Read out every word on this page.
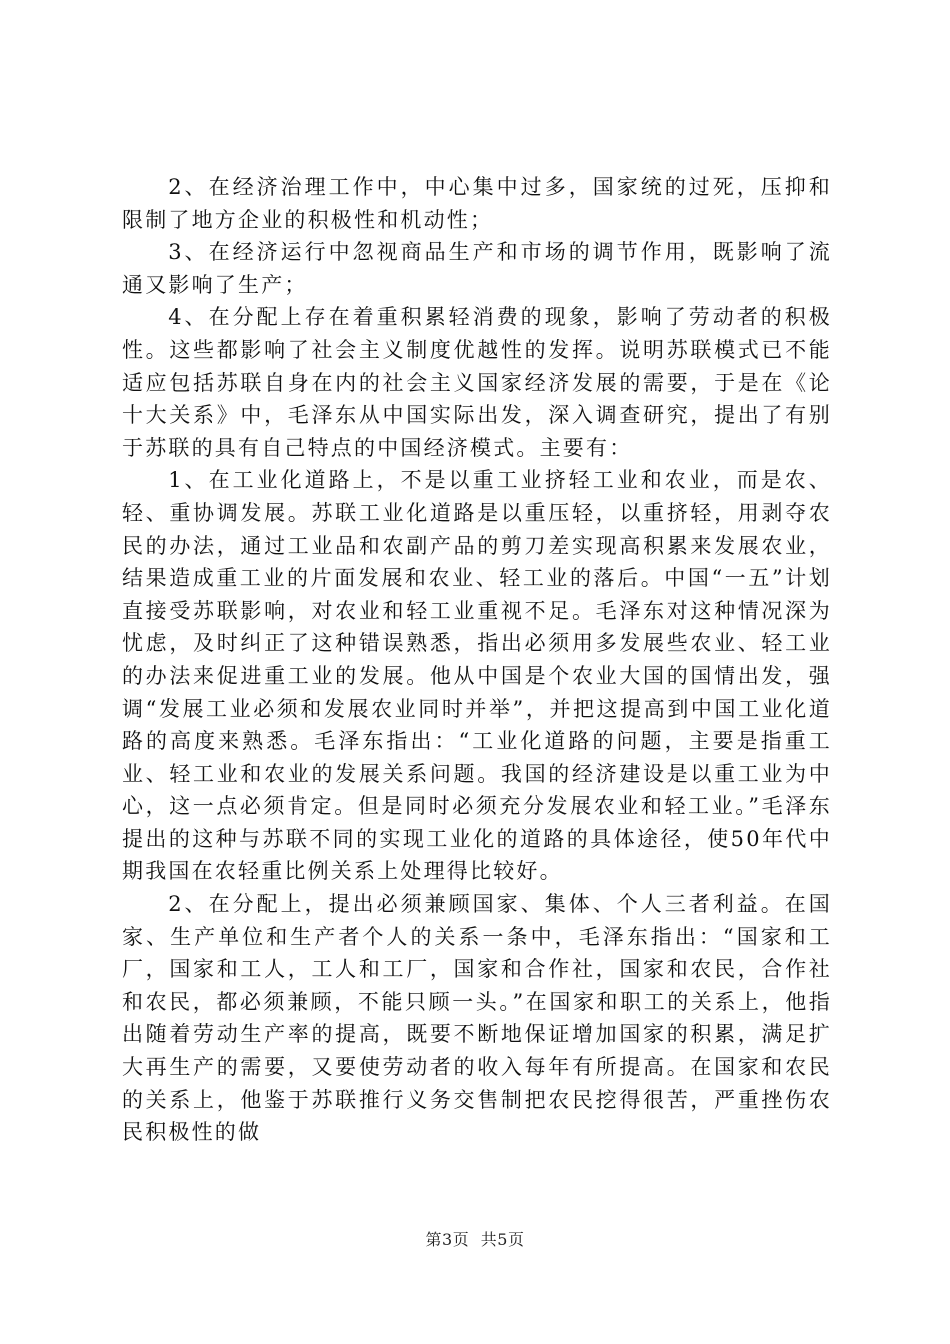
2、在经济治理工作中，中心集中过多，国家统的过死，压抑和限制了地方企业的积极性和机动性；

3、在经济运行中忽视商品生产和市场的调节作用，既影响了流通又影响了生产；

4、在分配上存在着重积累轻消费的现象，影响了劳动者的积极性。这些都影响了社会主义制度优越性的发挥。说明苏联模式已不能适应包括苏联自身在内的社会主义国家经济发展的需要，于是在《论十大关系》中，毛泽东从中国实际出发，深入调查研究，提出了有别于苏联的具有自己特点的中国经济模式。主要有：

1、在工业化道路上，不是以重工业挤轻工业和农业，而是农、轻、重协调发展。苏联工业化道路是以重压轻，以重挤轻，用剥夺农民的办法，通过工业品和农副产品的剪刀差实现高积累来发展农业，结果造成重工业的片面发展和农业、轻工业的落后。中国“一五”计划直接受苏联影响，对农业和轻工业重视不足。毛泽东对这种情况深为忧虑，及时纠正了这种错误熟悉，指出必须用多发展些农业、轻工业的办法来促进重工业的发展。他从中国是个农业大国的国情出发，强调“发展工业必须和发展农业同时并举”，并把这提高到中国工业化道路的高度来熟悉。毛泽东指出：“工业化道路的问题，主要是指重工业、轻工业和农业的发展关系问题。我国的经济建设是以重工业为中心，这一点必须肯定。但是同时必须充分发展农业和轻工业。”毛泽东提出的这种与苏联不同的实现工业化的道路的具体途径，使50年代中期我国在农轻重比例关系上处理得比较好。

2、在分配上，提出必须兼顾国家、集体、个人三者利益。在国家、生产单位和生产者个人的关系一条中，毛泽东指出：“国家和工厂，国家和工人，工人和工厂，国家和合作社，国家和农民，合作社和农民，都必须兼顾，不能只顾一头。”在国家和职工的关系上，他指出随着劳动生产率的提高，既要不断地保证增加国家的积累，满足扩大再生产的需要，又要使劳动者的收入每年有所提高。在国家和农民的关系上，他鉴于苏联推行义务交售制把农民挖得很苦，严重挫伤农民积极性的做

第3页 共5页
